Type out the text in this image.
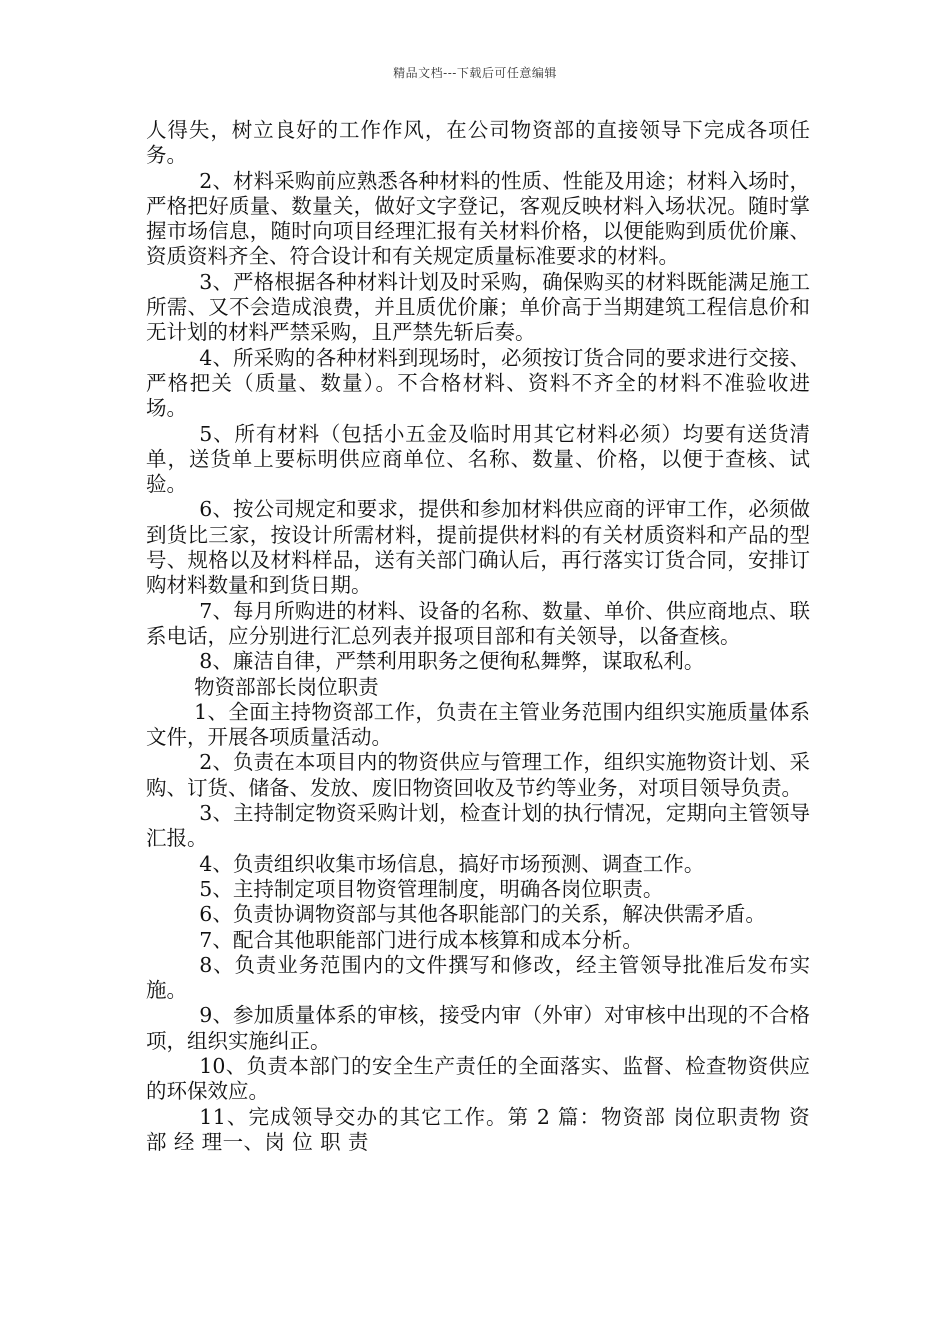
精品文档---下载后可任意编辑

人得失，树立良好的工作作风，在公司物资部的直接领导下完成各项任务。

2、材料采购前应熟悉各种材料的性质、性能及用途；材料入场时，严格把好质量、数量关，做好文字登记，客观反映材料入场状况。随时掌握市场信息，随时向项目经理汇报有关材料价格，以便能购到质优价廉、资质资料齐全、符合设计和有关规定质量标准要求的材料。

3、严格根据各种材料计划及时采购，确保购买的材料既能满足施工所需、又不会造成浪费，并且质优价廉；单价高于当期建筑工程信息价和无计划的材料严禁采购，且严禁先斩后奏。

4、所采购的各种材料到现场时，必须按订货合同的要求进行交接、严格把关（质量、数量）。不合格材料、资料不齐全的材料不准验收进场。

5、所有材料（包括小五金及临时用其它材料必须）均要有送货清单，送货单上要标明供应商单位、名称、数量、价格，以便于查核、试验。

6、按公司规定和要求，提供和参加材料供应商的评审工作，必须做到货比三家，按设计所需材料，提前提供材料的有关材质资料和产品的型号、规格以及材料样品，送有关部门确认后，再行落实订货合同，安排订购材料数量和到货日期。

7、每月所购进的材料、设备的名称、数量、单价、供应商地点、联系电话，应分别进行汇总列表并报项目部和有关领导，以备查核。

8、廉洁自律，严禁利用职务之便徇私舞弊，谋取私利。

物资部部长岗位职责

1、全面主持物资部工作，负责在主管业务范围内组织实施质量体系文件，开展各项质量活动。

2、负责在本项目内的物资供应与管理工作，组织实施物资计划、采购、订货、储备、发放、废旧物资回收及节约等业务，对项目领导负责。

3、主持制定物资采购计划，检查计划的执行情况，定期向主管领导汇报。

4、负责组织收集市场信息，搞好市场预测、调查工作。

5、主持制定项目物资管理制度，明确各岗位职责。

6、负责协调物资部与其他各职能部门的关系，解决供需矛盾。

7、配合其他职能部门进行成本核算和成本分析。

8、负责业务范围内的文件撰写和修改，经主管领导批准后发布实施。

9、参加质量体系的审核，接受内审（外审）对审核中出现的不合格项，组织实施纠正。

10、负责本部门的安全生产责任的全面落实、监督、检查物资供应的环保效应。

11、完成领导交办的其它工作。第 2 篇：物资部 岗位职责物 资 部 经 理一、岗 位 职 责
